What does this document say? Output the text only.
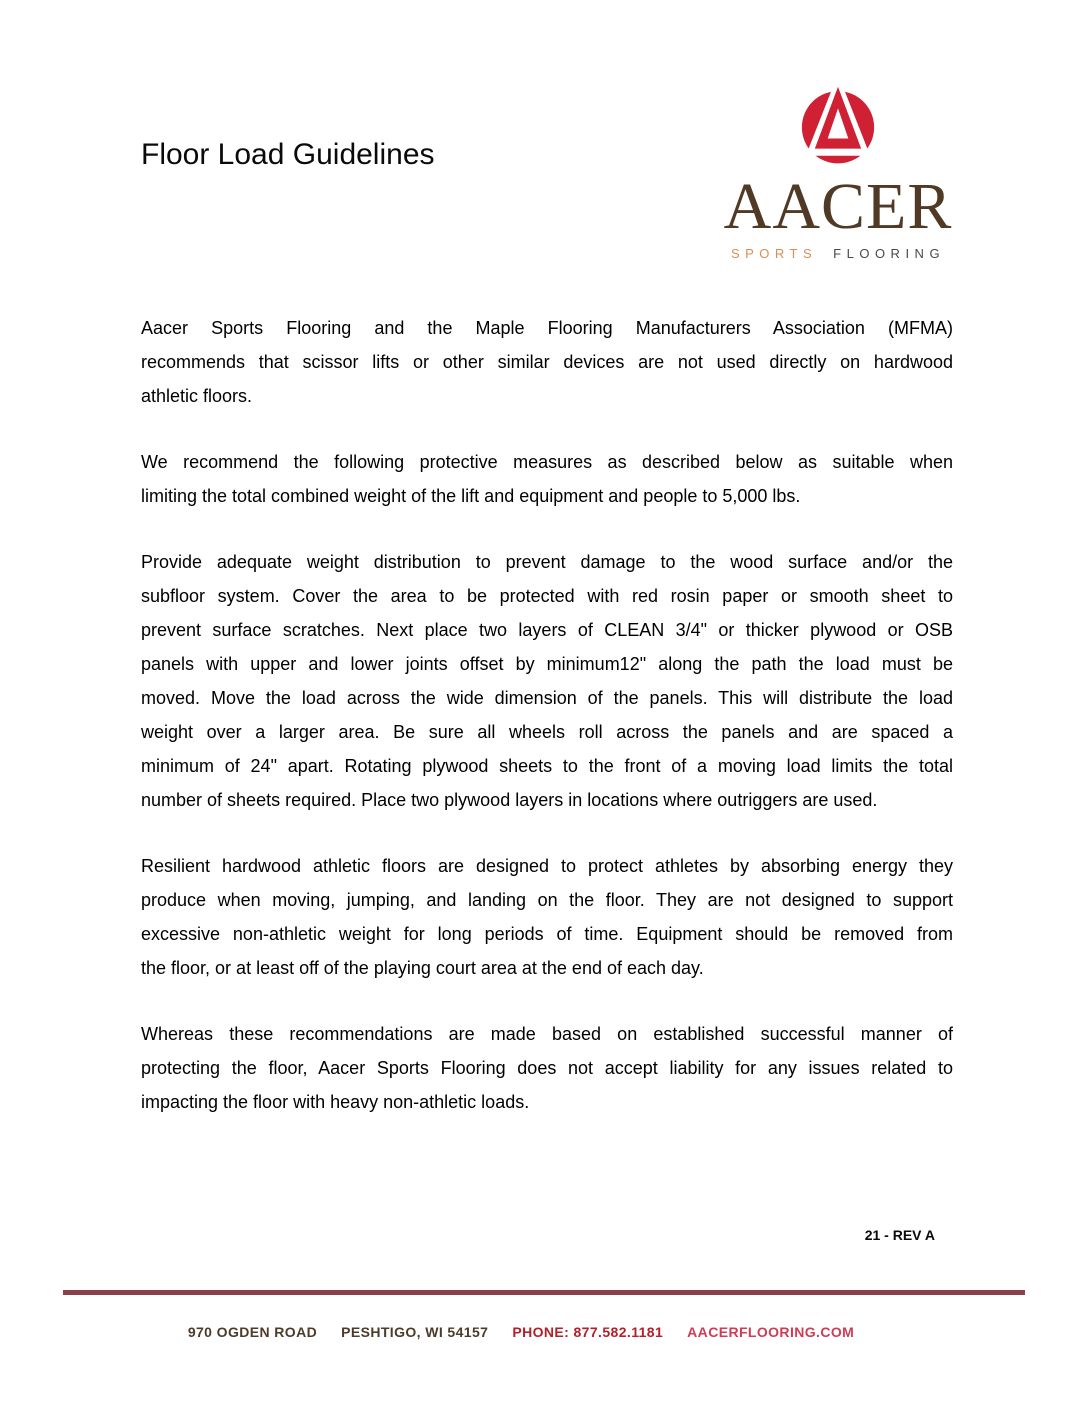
Floor Load Guidelines
AACER
SPORTS FLOORING
Aacer Sports Flooring and the Maple Flooring Manufacturers Association (MFMA)
recommends that scissor lifts or other similar devices are not used directly on hardwood
athletic floors.
We recommend the following protective measures as described below as suitable when
limiting the total combined weight of the lift and equipment and people to 5,000 lbs.
Provide adequate weight distribution to prevent damage to the wood surface and/or the
subfloor system. Cover the area to be protected with red rosin paper or smooth sheet to
prevent surface scratches. Next place two layers of CLEAN 3/4" or thicker plywood or OSB
panels with upper and lower joints offset by minimum12" along the path the load must be
moved. Move the load across the wide dimension of the panels. This will distribute the load
weight over a larger area. Be sure all wheels roll across the panels and are spaced a
minimum of 24" apart. Rotating plywood sheets to the front of a moving load limits the total
number of sheets required. Place two plywood layers in locations where outriggers are used.
Resilient hardwood athletic floors are designed to protect athletes by absorbing energy they
produce when moving, jumping, and landing on the floor. They are not designed to support
excessive non-athletic weight for long periods of time. Equipment should be removed from
the floor, or at least off of the playing court area at the end of each day.
Whereas these recommendations are made based on established successful manner of
protecting the floor, Aacer Sports Flooring does not accept liability for any issues related to
impacting the floor with heavy non-athletic loads.
21 - REV A
970 OGDEN ROAD PESHTIGO, WI 54157 PHONE: 877.582.1181 AACERFLOORING.COM
